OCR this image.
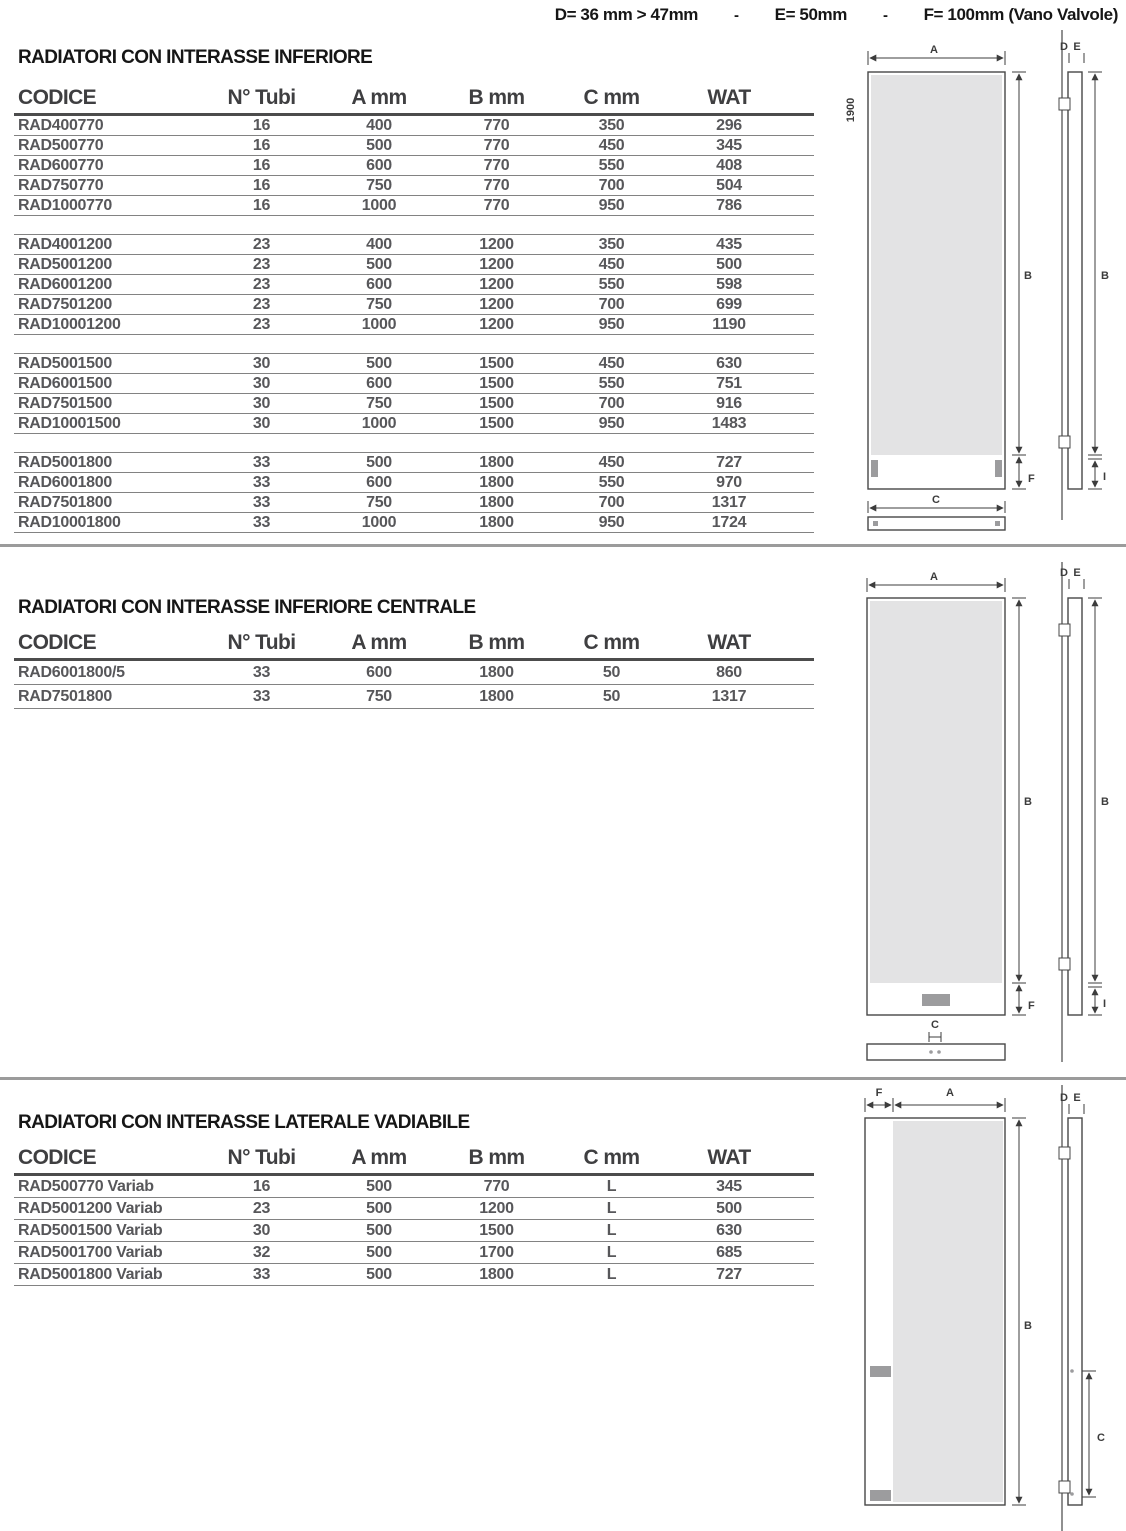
D= 36 mm > 47mm - E= 50mm - F= 100mm (Vano Valvole)
RADIATORI CON INTERASSE INFERIORE
CODICE	N° Tubi	A mm	B mm	C mm	WAT
RAD400770	16	400	770	350	296
RAD500770	16	500	770	450	345
RAD600770	16	600	770	550	408
RAD750770	16	750	770	700	504
RAD1000770	16	1000	770	950	786
RAD4001200	23	400	1200	350	435
RAD5001200	23	500	1200	450	500
RAD6001200	23	600	1200	550	598
RAD7501200	23	750	1200	700	699
RAD10001200	23	1000	1200	950	1190
RAD5001500	30	500	1500	450	630
RAD6001500	30	600	1500	550	751
RAD7501500	30	750	1500	700	916
RAD10001500	30	1000	1500	950	1483
RAD5001800	33	500	1800	450	727
RAD6001800	33	600	1800	550	970
RAD7501800	33	750	1800	700	1317
RAD10001800	33	1000	1800	950	1724
A
1900
B
F
C
D E
B
I
RADIATORI CON INTERASSE INFERIORE CENTRALE
CODICE	N° Tubi	A mm	B mm	C mm	WAT
RAD6001800/5	33	600	1800	50	860
RAD7501800	33	750	1800	50	1317
A
B
F
C
D E
B
I
RADIATORI CON INTERASSE LATERALE VADIABILE
CODICE	N° Tubi	A mm	B mm	C mm	WAT
RAD500770 Variab	16	500	770	L	345
RAD5001200 Variab	23	500	1200	L	500
RAD5001500 Variab	30	500	1500	L	630
RAD5001700 Variab	32	500	1700	L	685
RAD5001800 Variab	33	500	1800	L	727
F	A
B
D E
C
